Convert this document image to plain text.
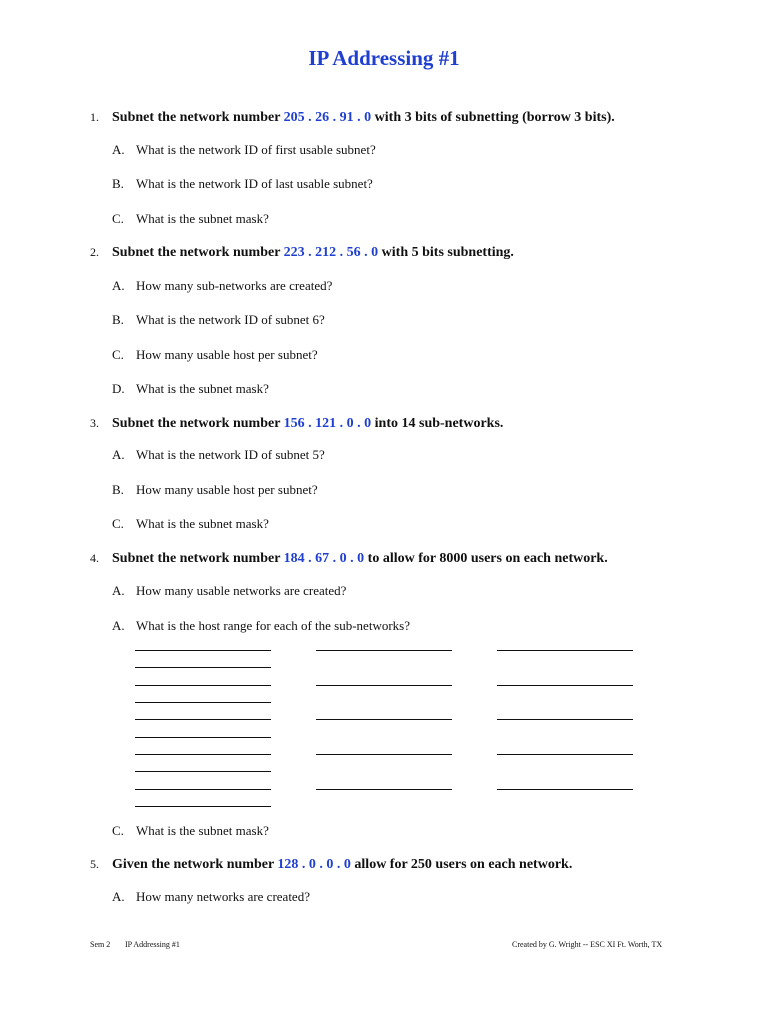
IP Addressing #1
1. Subnet the network number 205 . 26 . 91 . 0 with 3 bits of subnetting (borrow 3 bits).
A. What is the network ID of first usable subnet?
B. What is the network ID of last usable subnet?
C. What is the subnet mask?
2. Subnet the network number 223 . 212 . 56 . 0 with 5 bits subnetting.
A. How many sub-networks are created?
B. What is the network ID of subnet 6?
C. How many usable host per subnet?
D. What is the subnet mask?
3. Subnet the network number 156 . 121 . 0 . 0 into 14 sub-networks.
A. What is the network ID of subnet 5?
B. How many usable host per subnet?
C. What is the subnet mask?
4. Subnet the network number 184 . 67 . 0 . 0 to allow for 8000 users on each network.
A. How many usable networks are created?
A. What is the host range for each of the sub-networks?
C. What is the subnet mask?
5. Given the network number 128 . 0 . 0 . 0 allow for 250 users on each network.
A. How many networks are created?
Sem 2 IP Addressing #1	Created by G. Wright -- ESC XI Ft. Worth, TX
